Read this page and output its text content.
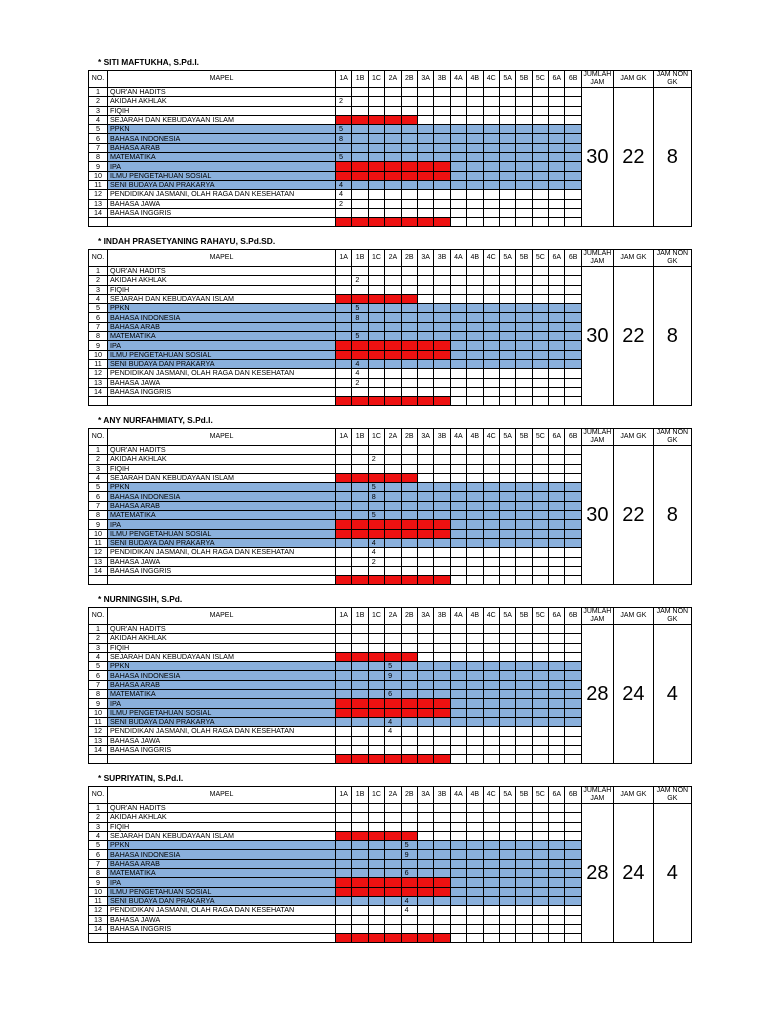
* SITI MAFTUKHA, S.Pd.I.
NO.	MAPEL	1A	1B	1C	2A	2B	3A	3B	4A	4B	4C	5A	5B	5C	6A	6B	JUMLAH JAM	JAM GK	JAM NON GK
1	QUR'AN HADITS																30	22	8
2	AKIDAH AKHLAK	2																	
3	FIQIH																		
4	SEJARAH DAN KEBUDAYAAN ISLAM																		
5	PPKN	5																	
6	BAHASA INDONESIA	8																	
7	BAHASA ARAB																		
8	MATEMATIKA	5																	
9	IPA																		
10	ILMU PENGETAHUAN SOSIAL																		
11	SENI BUDAYA DAN PRAKARYA	4																	
12	PENDIDIKAN JASMANI, OLAH RAGA DAN KESEHATAN	4																	
13	BAHASA JAWA	2																	
14	BAHASA INGGRIS																		

* INDAH PRASETYANING RAHAYU, S.Pd.SD.
NO.	MAPEL	1A	1B	1C	2A	2B	3A	3B	4A	4B	4C	5A	5B	5C	6A	6B	JUMLAH JAM	JAM GK	JAM NON GK
1	QUR'AN HADITS																30	22	8
2	AKIDAH AKHLAK		2																
3	FIQIH																		
4	SEJARAH DAN KEBUDAYAAN ISLAM																		
5	PPKN		5																
6	BAHASA INDONESIA		8																
7	BAHASA ARAB																		
8	MATEMATIKA		5																
9	IPA																		
10	ILMU PENGETAHUAN SOSIAL																		
11	SENI BUDAYA DAN PRAKARYA		4																
12	PENDIDIKAN JASMANI, OLAH RAGA DAN KESEHATAN		4																
13	BAHASA JAWA		2																
14	BAHASA INGGRIS																		

* ANY NURFAHMIATY, S.Pd.I.
NO.	MAPEL	1A	1B	1C	2A	2B	3A	3B	4A	4B	4C	5A	5B	5C	6A	6B	JUMLAH JAM	JAM GK	JAM NON GK
1	QUR'AN HADITS																30	22	8
2	AKIDAH AKHLAK			2															
3	FIQIH																		
4	SEJARAH DAN KEBUDAYAAN ISLAM																		
5	PPKN			5															
6	BAHASA INDONESIA			8															
7	BAHASA ARAB																		
8	MATEMATIKA			5															
9	IPA																		
10	ILMU PENGETAHUAN SOSIAL																		
11	SENI BUDAYA DAN PRAKARYA			4															
12	PENDIDIKAN JASMANI, OLAH RAGA DAN KESEHATAN			4															
13	BAHASA JAWA			2															
14	BAHASA INGGRIS																		

* NURNINGSIH, S.Pd.
NO.	MAPEL	1A	1B	1C	2A	2B	3A	3B	4A	4B	4C	5A	5B	5C	6A	6B	JUMLAH JAM	JAM GK	JAM NON GK
1	QUR'AN HADITS																28	24	4
2	AKIDAH AKHLAK																		
3	FIQIH																		
4	SEJARAH DAN KEBUDAYAAN ISLAM																		
5	PPKN				5														
6	BAHASA INDONESIA				9														
7	BAHASA ARAB																		
8	MATEMATIKA				6														
9	IPA																		
10	ILMU PENGETAHUAN SOSIAL																		
11	SENI BUDAYA DAN PRAKARYA				4														
12	PENDIDIKAN JASMANI, OLAH RAGA DAN KESEHATAN				4														
13	BAHASA JAWA																		
14	BAHASA INGGRIS																		

* SUPRIYATIN, S.Pd.I.
NO.	MAPEL	1A	1B	1C	2A	2B	3A	3B	4A	4B	4C	5A	5B	5C	6A	6B	JUMLAH JAM	JAM GK	JAM NON GK
1	QUR'AN HADITS																28	24	4
2	AKIDAH AKHLAK																		
3	FIQIH																		
4	SEJARAH DAN KEBUDAYAAN ISLAM																		
5	PPKN					5													
6	BAHASA INDONESIA					9													
7	BAHASA ARAB																		
8	MATEMATIKA					6													
9	IPA																		
10	ILMU PENGETAHUAN SOSIAL																		
11	SENI BUDAYA DAN PRAKARYA					4													
12	PENDIDIKAN JASMANI, OLAH RAGA DAN KESEHATAN					4													
13	BAHASA JAWA																		
14	BAHASA INGGRIS																		
